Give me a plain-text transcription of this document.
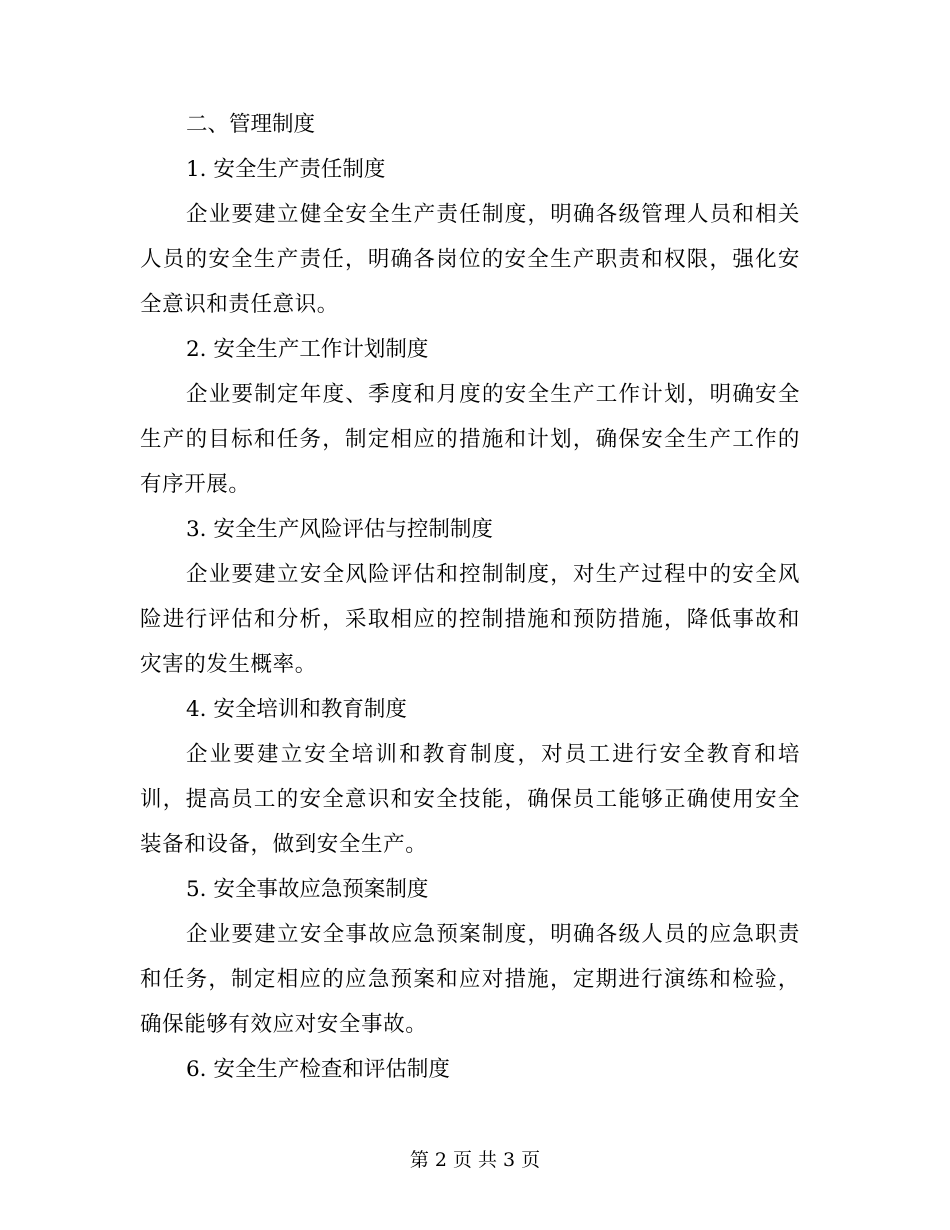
二、管理制度

1. 安全生产责任制度

企业要建立健全安全生产责任制度，明确各级管理人员和相关人员的安全生产责任，明确各岗位的安全生产职责和权限，强化安全意识和责任意识。

2. 安全生产工作计划制度

企业要制定年度、季度和月度的安全生产工作计划，明确安全生产的目标和任务，制定相应的措施和计划，确保安全生产工作的有序开展。

3. 安全生产风险评估与控制制度

企业要建立安全风险评估和控制制度，对生产过程中的安全风险进行评估和分析，采取相应的控制措施和预防措施，降低事故和灾害的发生概率。

4. 安全培训和教育制度

企业要建立安全培训和教育制度，对员工进行安全教育和培训，提高员工的安全意识和安全技能，确保员工能够正确使用安全装备和设备，做到安全生产。

5. 安全事故应急预案制度

企业要建立安全事故应急预案制度，明确各级人员的应急职责和任务，制定相应的应急预案和应对措施，定期进行演练和检验，确保能够有效应对安全事故。

6. 安全生产检查和评估制度

第 2 页 共 3 页
